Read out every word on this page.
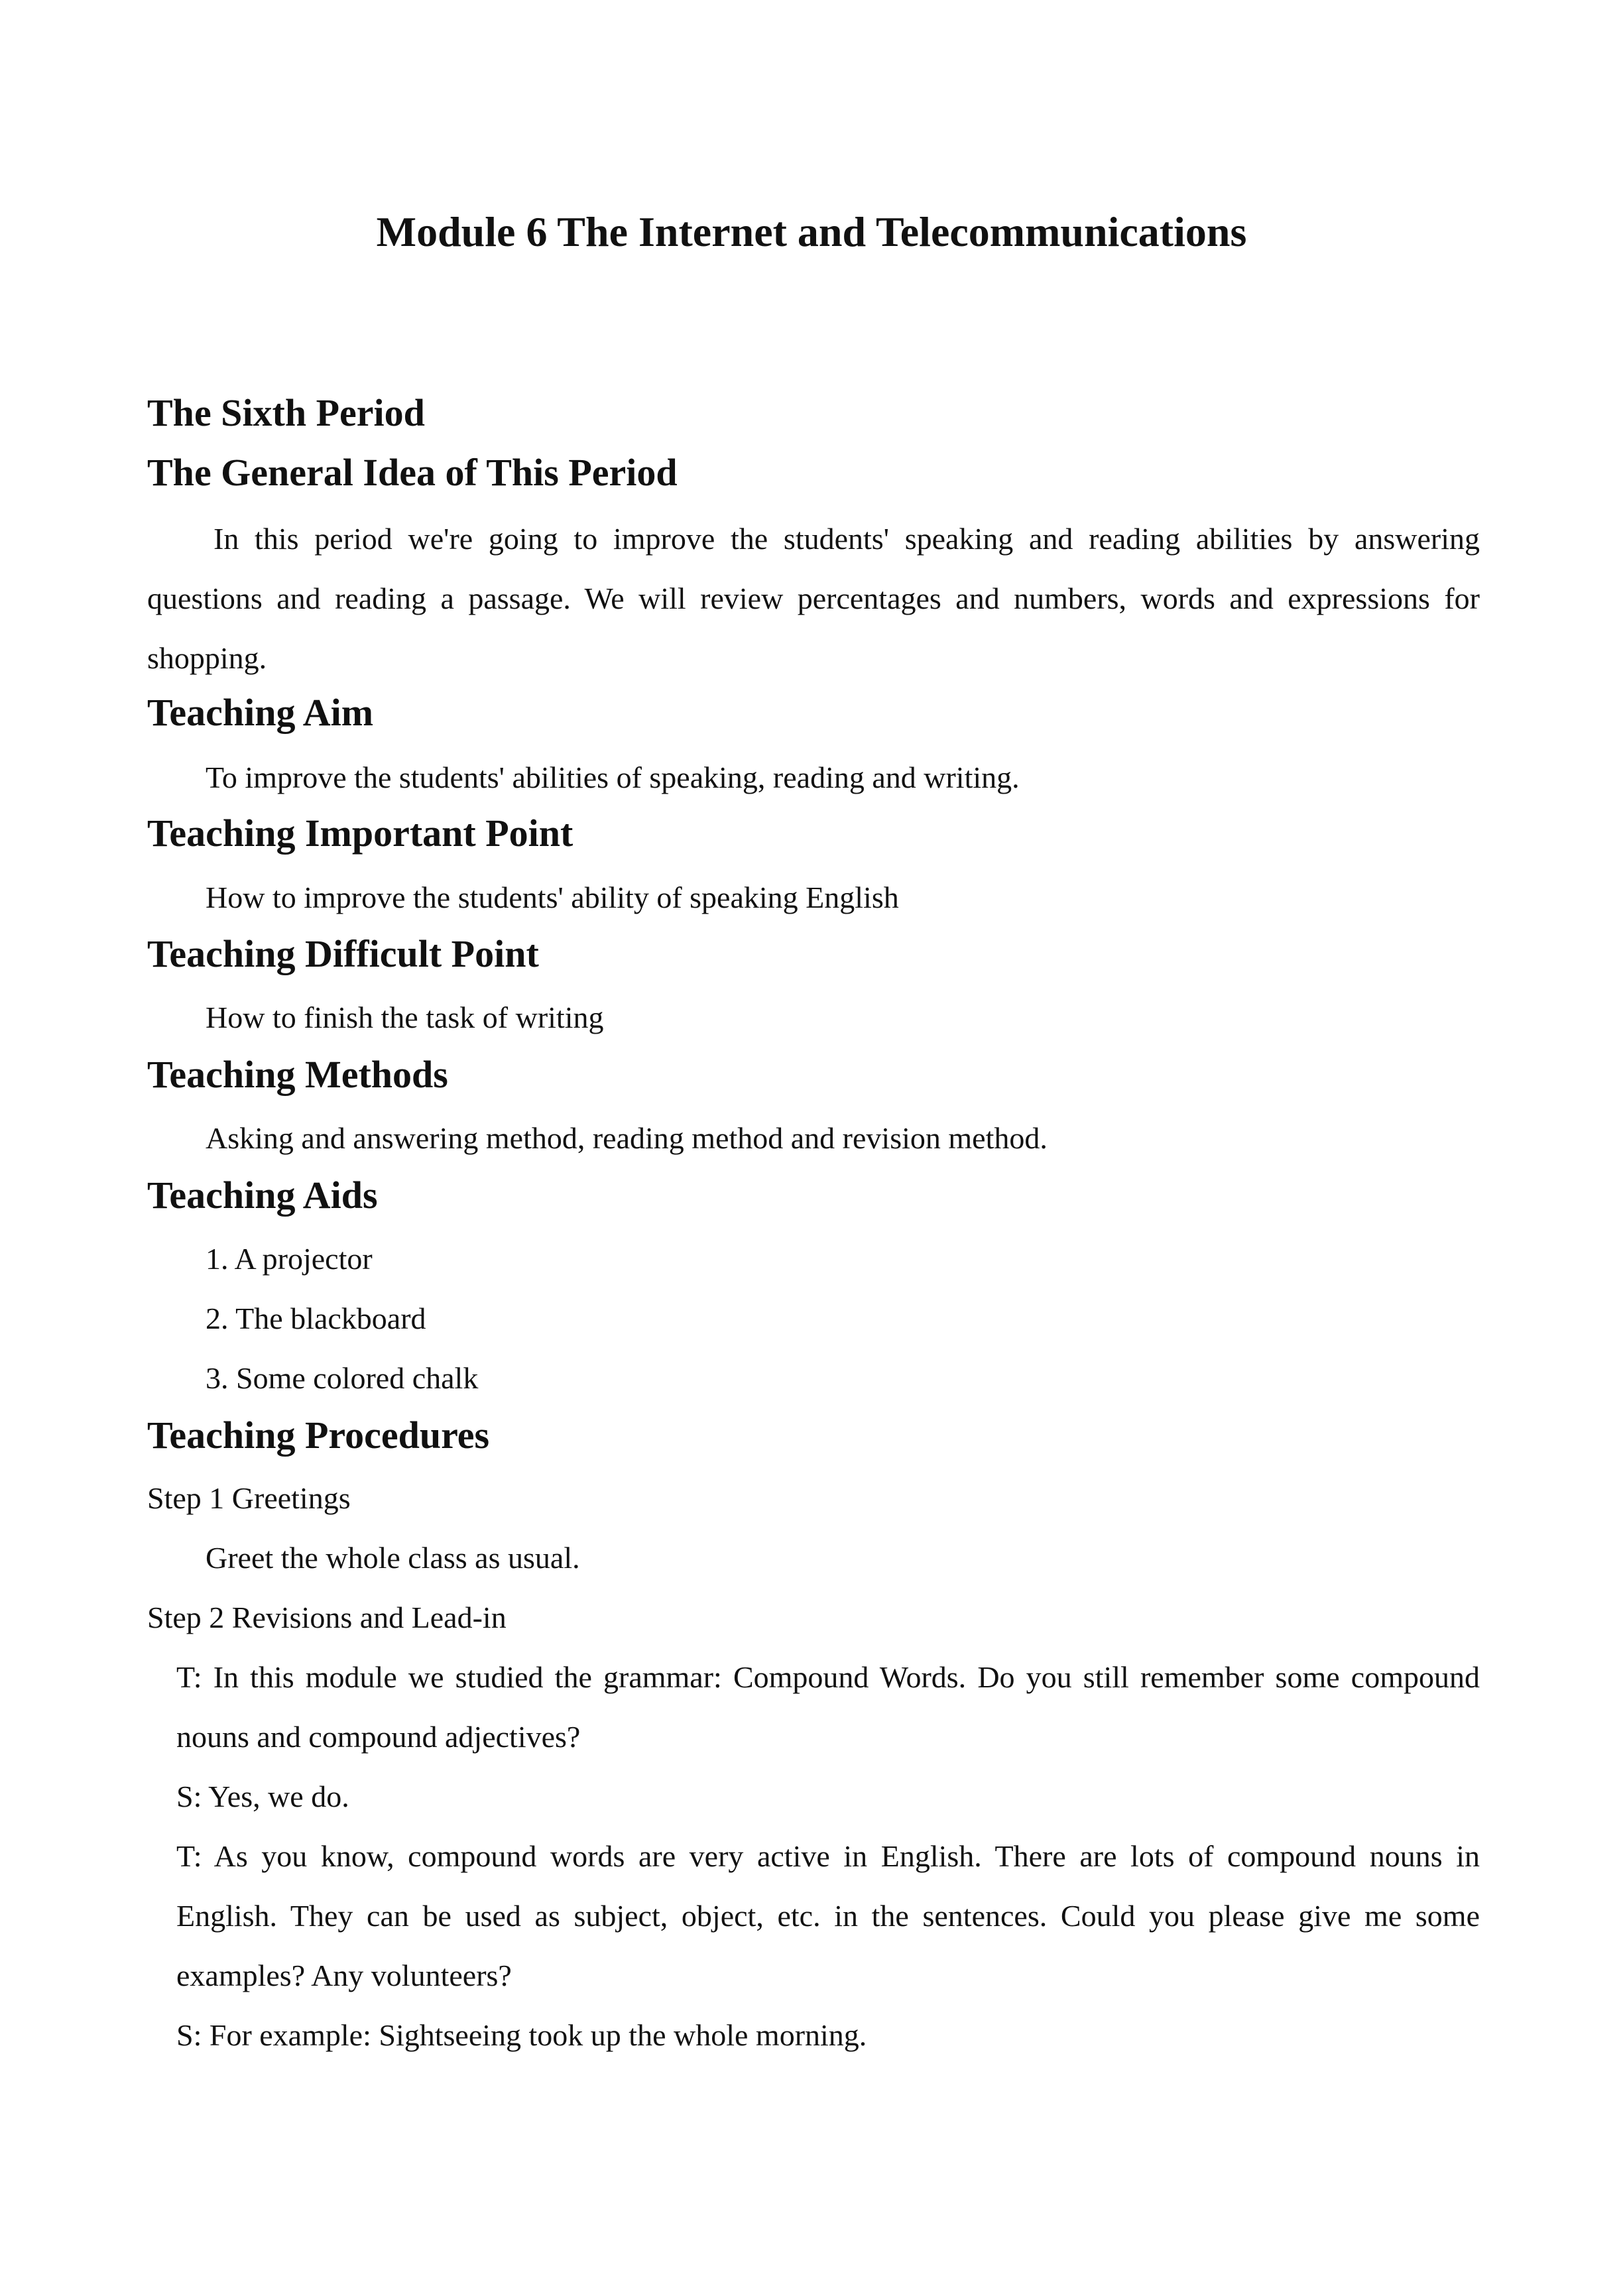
Module 6 The Internet and Telecommunications
The Sixth Period
The General Idea of This Period
In this period we're going to improve the students' speaking and reading abilities by answering questions and reading a passage. We will review percentages and numbers, words and expressions for shopping.
Teaching Aim
To improve the students' abilities of speaking, reading and writing.
Teaching Important Point
How to improve the students' ability of speaking English
Teaching Difficult Point
How to finish the task of writing
Teaching Methods
Asking and answering method, reading method and revision method.
Teaching Aids
1. A projector
2. The blackboard
3. Some colored chalk
Teaching Procedures
Step 1 Greetings
Greet the whole class as usual.
Step 2 Revisions and Lead-in
T: In this module we studied the grammar: Compound Words. Do you still remember some compound nouns and compound adjectives?
S: Yes, we do.
T: As you know, compound words are very active in English. There are lots of compound nouns in English. They can be used as subject, object, etc. in the sentences. Could you please give me some examples? Any volunteers?
S: For example: Sightseeing took up the whole morning.
